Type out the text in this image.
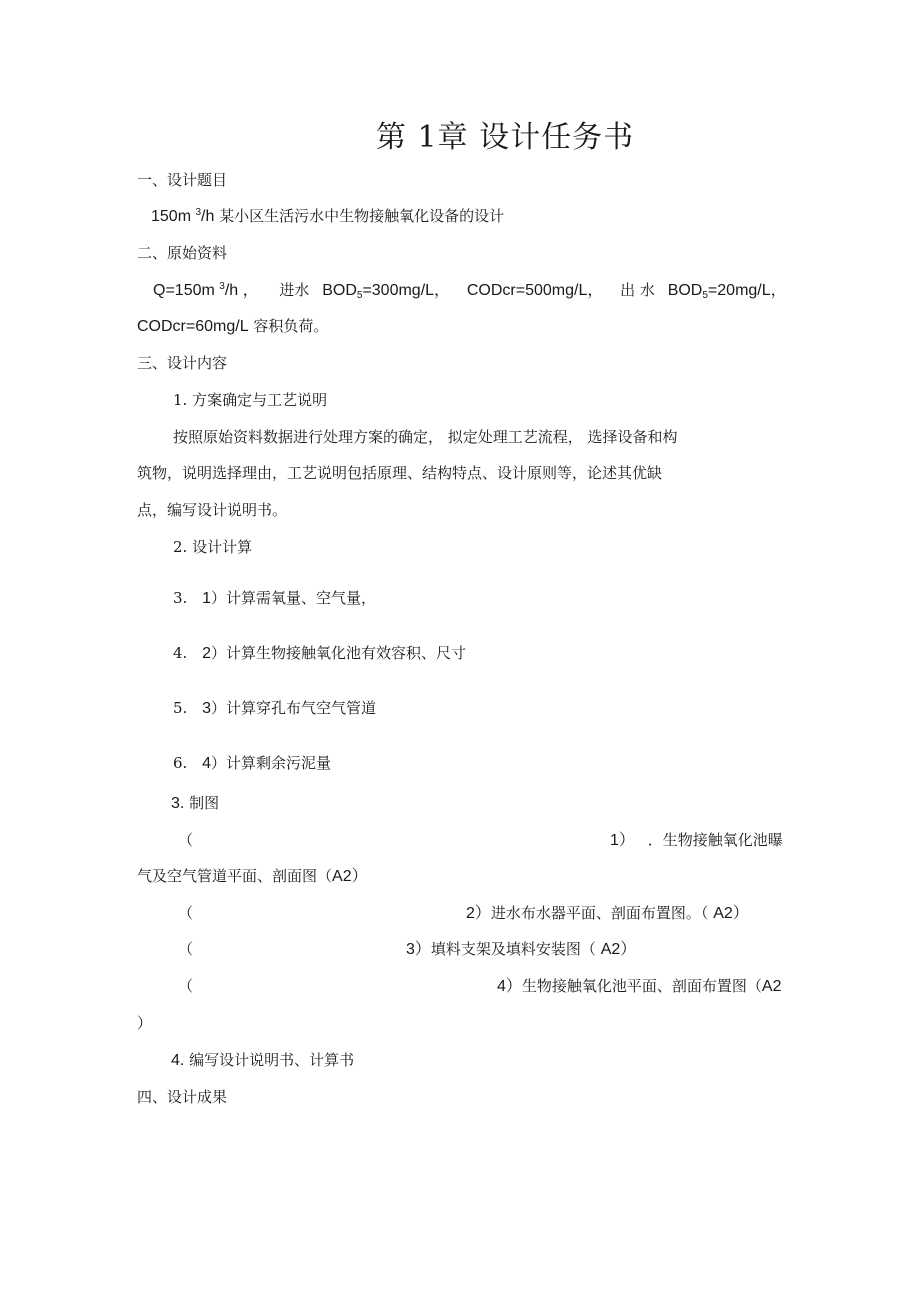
第 1章 设计任务书
一、设计题目
150m $^3$/h 某小区生活污水中生物接触氧化设备的设计
二、原始资料
Q=150m $^3$/h ， 进水 $BOD_5=300mg/L$， CODcr=500mg/L， 出 水 $BOD_5=20mg/L$，
CODcr=60mg/L 容积负荷。
三、设计内容
1. 方案确定与工艺说明
按照原始资料数据进行处理方案的确定， 拟定处理工艺流程， 选择设备和构
筑物，说明选择理由，工艺说明包括原理、结构特点、设计原则等，论述其优缺
点，编写设计说明书。
2. 设计计算
3. 1）计算需氧量、空气量，
4. 2）计算生物接触氧化池有效容积、尺寸
5. 3）计算穿孔布气空气管道
6. 4）计算剩余污泥量
3. 制图
（	1） ．生物接触氧化池曝
气及空气管道平面、剖面图（A2）
（	2）进水布水器平面、剖面布置图。（ A2）
（	3）填料支架及填料安装图（ A2）
（	4）生物接触氧化池平面、剖面布置图（A2
）
4. 编写设计说明书、计算书
四、设计成果
